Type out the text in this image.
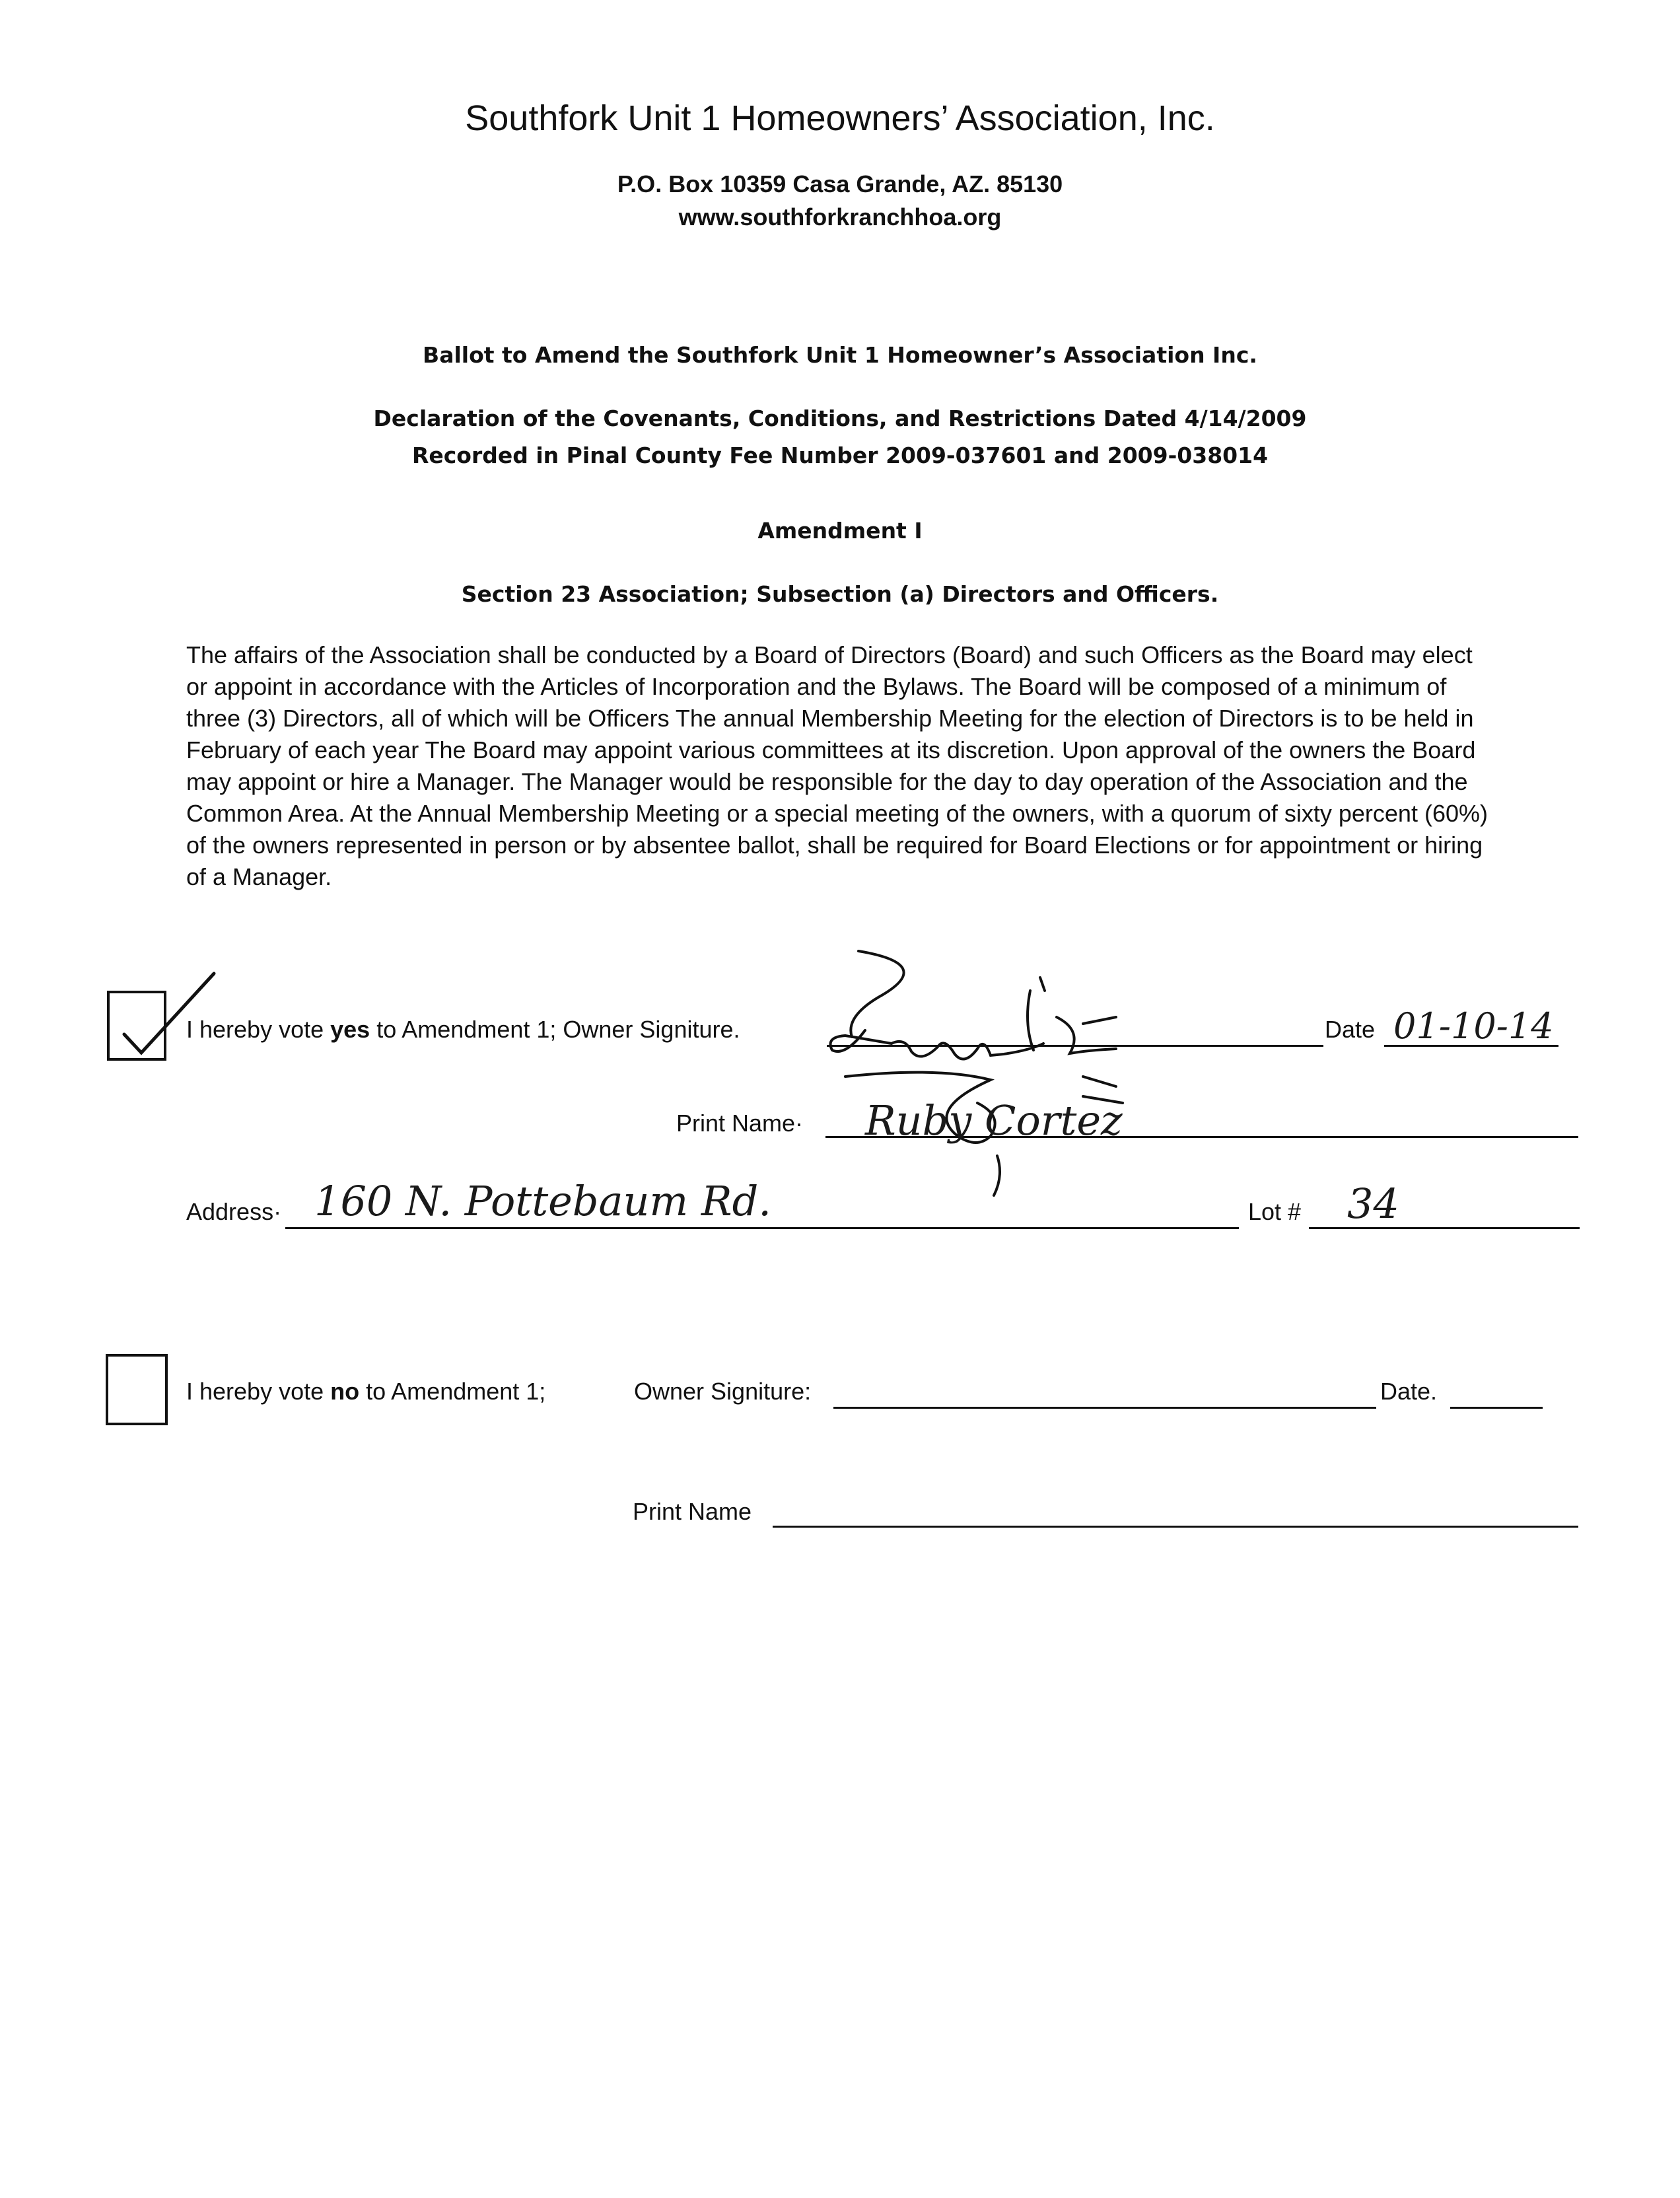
Southfork Unit 1 Homeowners’ Association, Inc.
P.O. Box 10359 Casa Grande, AZ. 85130
www.southforkranchhoa.org
Ballot to Amend the Southfork Unit 1 Homeowner’s Association Inc.
Declaration of the Covenants, Conditions, and Restrictions Dated 4/14/2009
Recorded in Pinal County Fee Number 2009-037601 and 2009-038014
Amendment I
Section 23 Association; Subsection (a) Directors and Officers.

The affairs of the Association shall be conducted by a Board of Directors (Board) and such Officers as the Board may elect or appoint in accordance with the Articles of Incorporation and the Bylaws. The Board will be composed of a minimum of three (3) Directors, all of which will be Officers The annual Membership Meeting for the election of Directors is to be held in February of each year The Board may appoint various committees at its discretion. Upon approval of the owners the Board may appoint or hire a Manager. The Manager would be responsible for the day to day operation of the Association and the Common Area. At the Annual Membership Meeting or a special meeting of the owners, with a quorum of sixty percent (60%) of the owners represented in person or by absentee ballot, shall be required for Board Elections or for appointment or hiring of a Manager.

I hereby vote yes to Amendment 1; Owner Signiture.	Date 01-10-14
Print Name· Ruby Cortez
Address· 160 N. Pottebaum Rd.	Lot # 34
I hereby vote no to Amendment 1;	Owner Signiture:	Date.
Print Name
